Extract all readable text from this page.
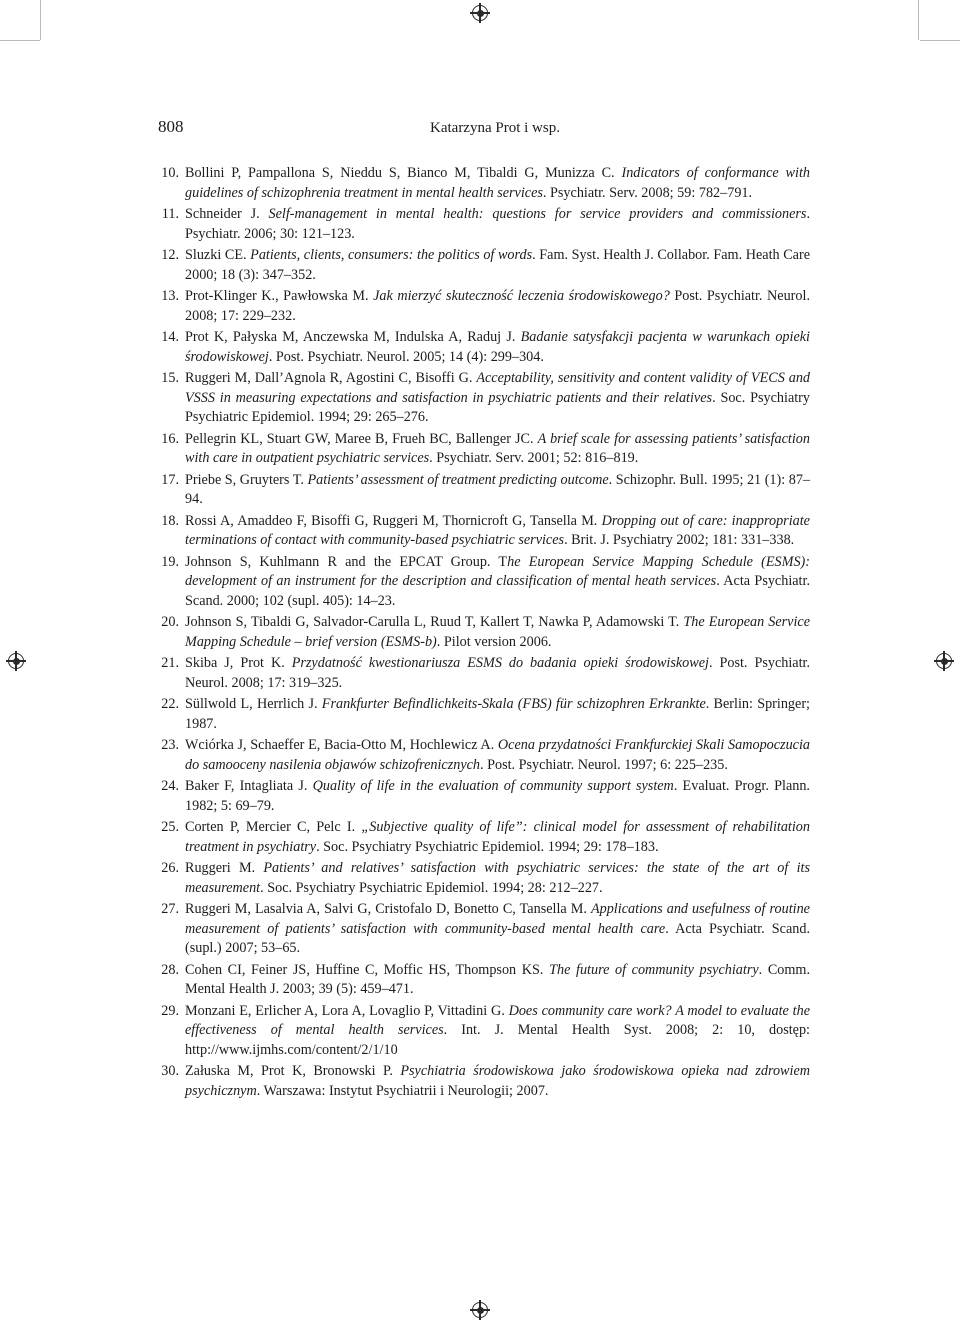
808	Katarzyna Prot i wsp.
10. Bollini P, Pampallona S, Nieddu S, Bianco M, Tibaldi G, Munizza C. Indicators of conformance with guidelines of schizophrenia treatment in mental health services. Psychiatr. Serv. 2008; 59: 782–791.
11. Schneider J. Self-management in mental health: questions for service providers and commissioners. Psychiatr. 2006; 30: 121–123.
12. Sluzki CE. Patients, clients, consumers: the politics of words. Fam. Syst. Health J. Collabor. Fam. Heath Care 2000; 18 (3): 347–352.
13. Prot-Klinger K., Pawłowska M. Jak mierzyć skuteczność leczenia środowiskowego? Post. Psychiatr. Neurol. 2008; 17: 229–232.
14. Prot K, Pałyska M, Anczewska M, Indulska A, Raduj J. Badanie satysfakcji pacjenta w warunkach opieki środowiskowej. Post. Psychiatr. Neurol. 2005; 14 (4): 299–304.
15. Ruggeri M, Dall’Agnola R, Agostini C, Bisoffi G. Acceptability, sensitivity and content validity of VECS and VSSS in measuring expectations and satisfaction in psychiatric patients and their relatives. Soc. Psychiatry Psychiatric Epidemiol. 1994; 29: 265–276.
16. Pellegrin KL, Stuart GW, Maree B, Frueh BC, Ballenger JC. A brief scale for assessing patients’ satisfaction with care in outpatient psychiatric services. Psychiatr. Serv. 2001; 52: 816–819.
17. Priebe S, Gruyters T. Patients’ assessment of treatment predicting outcome. Schizophr. Bull. 1995; 21 (1): 87–94.
18. Rossi A, Amaddeo F, Bisoffi G, Ruggeri M, Thornicroft G, Tansella M. Dropping out of care: inappropriate terminations of contact with community-based psychiatric services. Brit. J. Psychiatry 2002; 181: 331–338.
19. Johnson S, Kuhlmann R and the EPCAT Group. The European Service Mapping Schedule (ESMS): development of an instrument for the description and classification of mental heath services. Acta Psychiatr. Scand. 2000; 102 (supl. 405): 14–23.
20. Johnson S, Tibaldi G, Salvador-Carulla L, Ruud T, Kallert T, Nawka P, Adamowski T. The European Service Mapping Schedule – brief version (ESMS-b). Pilot version 2006.
21. Skiba J, Prot K. Przydatność kwestionariusza ESMS do badania opieki środowiskowej. Post. Psychiatr. Neurol. 2008; 17: 319–325.
22. Süllwold L, Herrlich J. Frankfurter Befindlichkeits-Skala (FBS) für schizophren Erkrankte. Berlin: Springer; 1987.
23. Wciórka J, Schaeffer E, Bacia-Otto M, Hochlewicz A. Ocena przydatności Frankfurckiej Skali Samopoczucia do samooceny nasilenia objawów schizofrenicznych. Post. Psychiatr. Neurol. 1997; 6: 225–235.
24. Baker F, Intagliata J. Quality of life in the evaluation of community support system. Evaluat. Progr. Plann. 1982; 5: 69–79.
25. Corten P, Mercier C, Pelc I. „Subjective quality of life”: clinical model for assessment of rehabilitation treatment in psychiatry. Soc. Psychiatry Psychiatric Epidemiol. 1994; 29: 178–183.
26. Ruggeri M. Patients’ and relatives’ satisfaction with psychiatric services: the state of the art of its measurement. Soc. Psychiatry Psychiatric Epidemiol. 1994; 28: 212–227.
27. Ruggeri M, Lasalvia A, Salvi G, Cristofalo D, Bonetto C, Tansella M. Applications and usefulness of routine measurement of patients’ satisfaction with community-based mental health care. Acta Psychiatr. Scand. (supl.) 2007; 53–65.
28. Cohen CI, Feiner JS, Huffine C, Moffic HS, Thompson KS. The future of community psychiatry. Comm. Mental Health J. 2003; 39 (5): 459–471.
29. Monzani E, Erlicher A, Lora A, Lovaglio P, Vittadini G. Does community care work? A model to evaluate the effectiveness of mental health services. Int. J. Mental Health Syst. 2008; 2: 10, dostęp: http://www.ijmhs.com/content/2/1/10
30. Załuska M, Prot K, Bronowski P. Psychiatria środowiskowa jako środowiskowa opieka nad zdrowiem psychicznym. Warszawa: Instytut Psychiatrii i Neurologii; 2007.
